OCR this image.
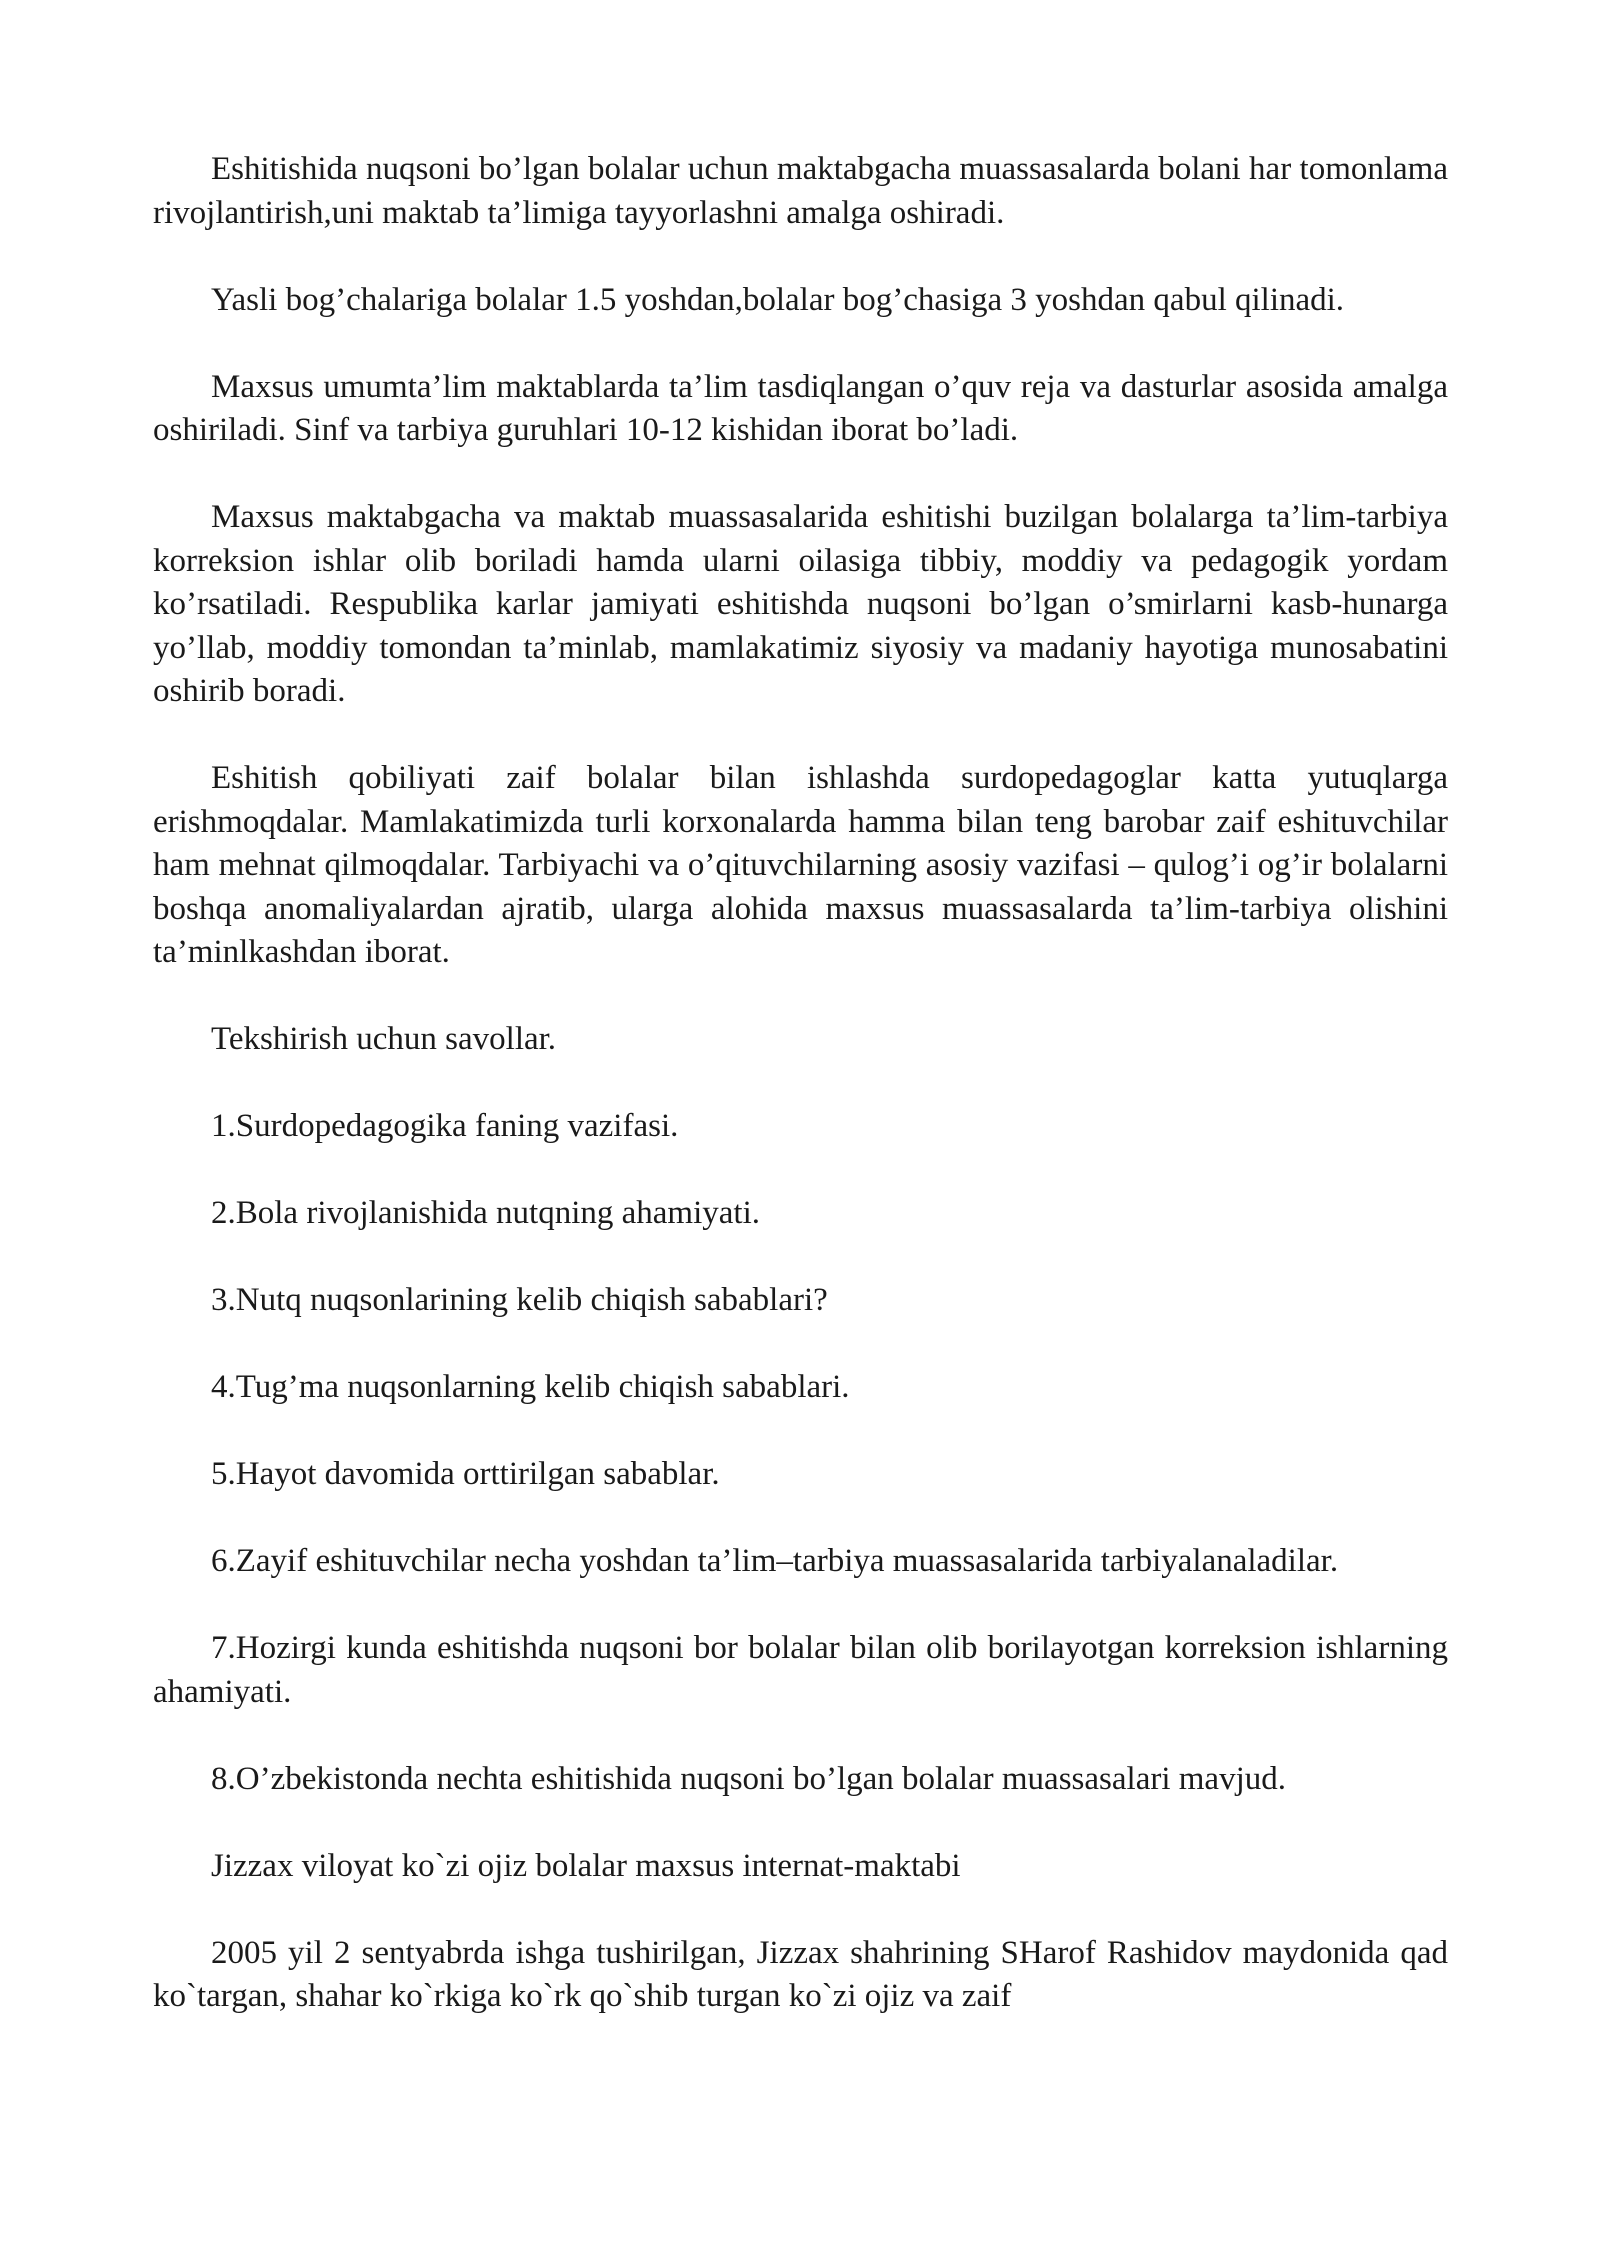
Eshitishida nuqsoni bo’lgan bolalar uchun maktabgacha muassasalarda bolani har tomonlama rivojlantirish,uni maktab ta’limiga tayyorlashni amalga oshiradi.

Yasli bog’chalariga bolalar 1.5 yoshdan,bolalar bog’chasiga 3 yoshdan qabul qilinadi.

Maxsus umumta’lim maktablarda ta’lim tasdiqlangan o’quv reja va dasturlar asosida amalga oshiriladi. Sinf va tarbiya guruhlari 10-12 kishidan iborat bo’ladi.

Maxsus maktabgacha va maktab muassasalarida eshitishi buzilgan bolalarga ta’lim-tarbiya korreksion ishlar olib boriladi hamda ularni oilasiga tibbiy, moddiy va pedagogik yordam ko’rsatiladi. Respublika karlar jamiyati eshitishda nuqsoni bo’lgan o’smirlarni kasb-hunarga yo’llab, moddiy tomondan ta’minlab, mamlakatimiz siyosiy va madaniy hayotiga munosabatini oshirib boradi.

Eshitish qobiliyati zaif bolalar bilan ishlashda surdopedagoglar katta yutuqlarga erishmoqdalar. Mamlakatimizda turli korxonalarda hamma bilan teng barobar zaif eshituvchilar ham mehnat qilmoqdalar. Tarbiyachi va o’qituvchilarning asosiy vazifasi – qulog’i og’ir bolalarni boshqa anomaliyalardan ajratib, ularga alohida maxsus muassasalarda ta’lim-tarbiya olishini ta’minlkashdan iborat.

Tekshirish uchun savollar.

1.Surdopedagogika faning vazifasi.

2.Bola rivojlanishida nutqning ahamiyati.

3.Nutq nuqsonlarining kelib chiqish sabablari?

4.Tug’ma nuqsonlarning kelib chiqish sabablari.

5.Hayot davomida orttirilgan sabablar.

6.Zayif eshituvchilar necha yoshdan ta’lim–tarbiya muassasalarida tarbiyalanaladilar.

7.Hozirgi kunda eshitishda nuqsoni bor bolalar bilan olib borilayotgan korreksion ishlarning ahamiyati.

8.O’zbekistonda nechta eshitishida nuqsoni bo’lgan bolalar muassasalari mavjud.

Jizzax viloyat ko`zi ojiz bolalar maxsus internat-maktabi

2005 yil 2 sentyabrda ishga tushirilgan, Jizzax shahrining SHarof Rashidov maydonida qad ko`targan, shahar ko`rkiga ko`rk qo`shib turgan ko`zi ojiz va zaif
